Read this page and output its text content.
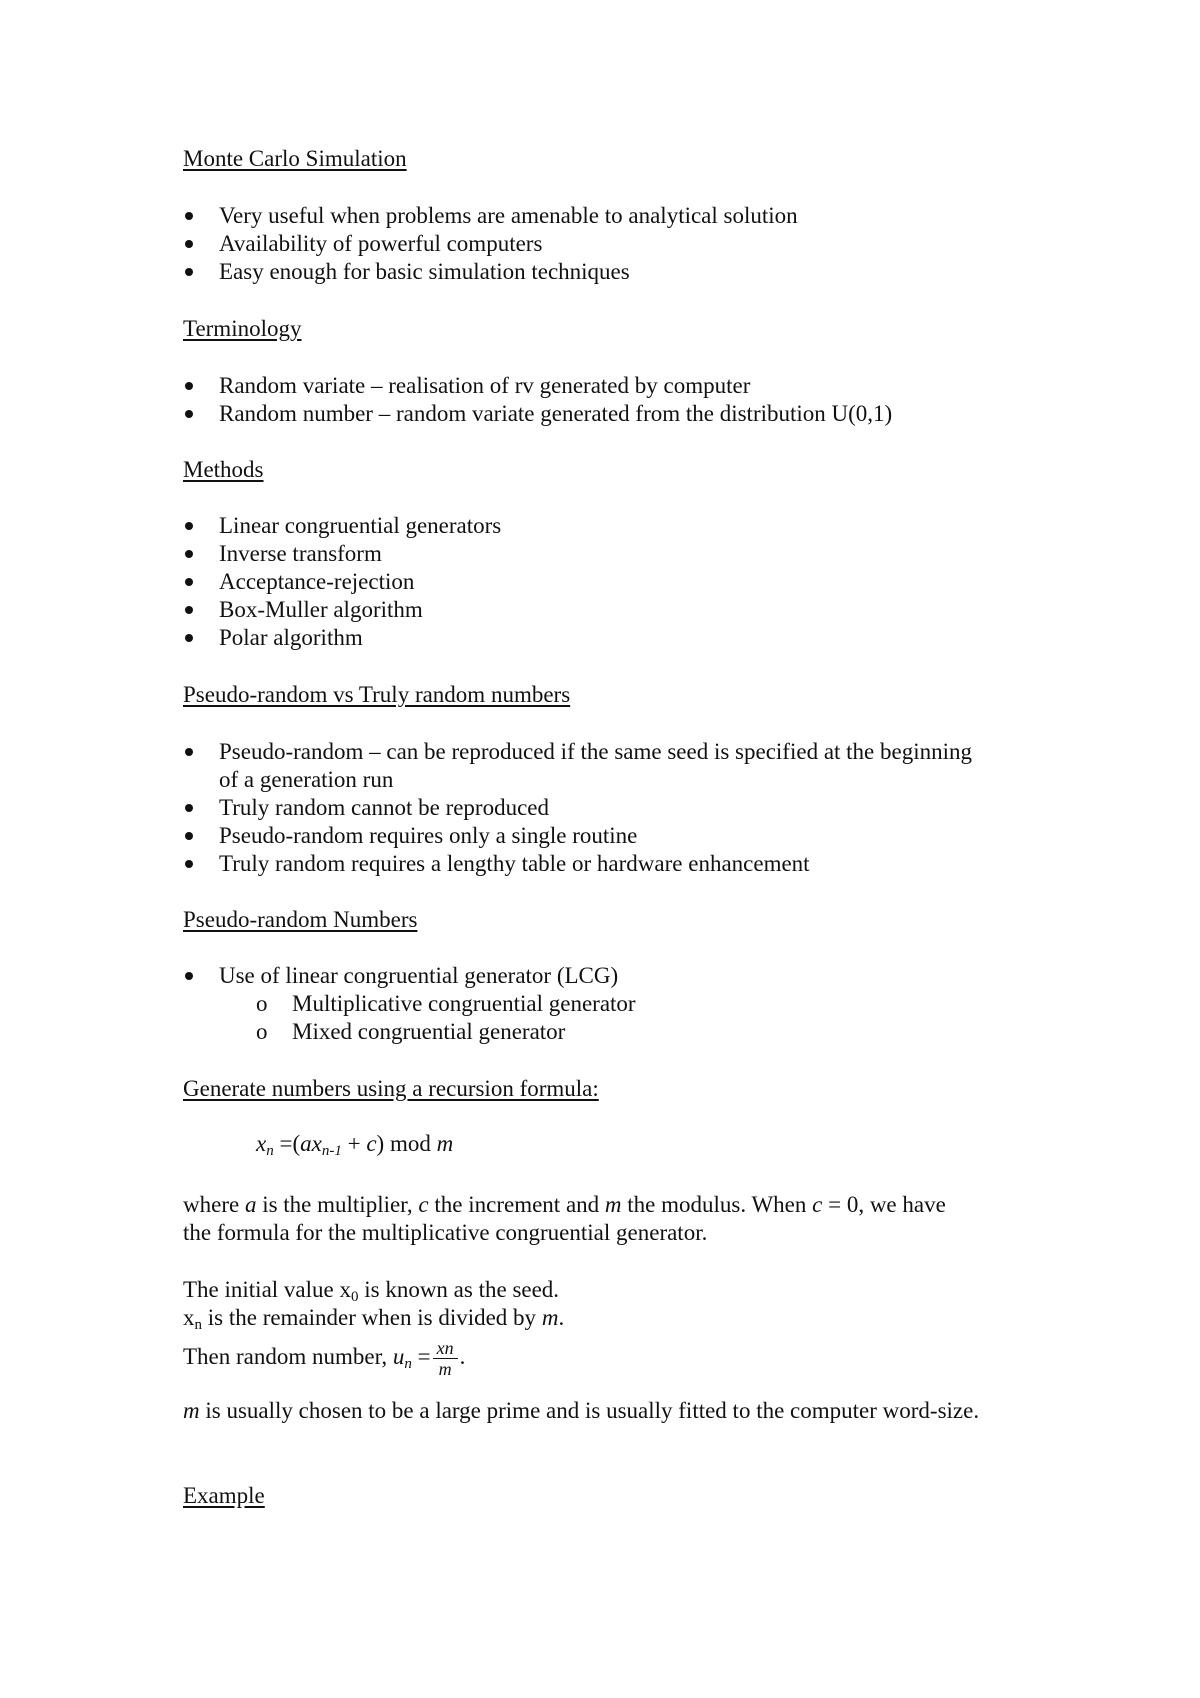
Monte Carlo Simulation
Very useful when problems are amenable to analytical solution
Availability of powerful computers
Easy enough for basic simulation techniques
Terminology
Random variate – realisation of rv generated by computer
Random number – random variate generated from the distribution U(0,1)
Methods
Linear congruential generators
Inverse transform
Acceptance-rejection
Box-Muller algorithm
Polar algorithm
Pseudo-random vs Truly random numbers
Pseudo-random – can be reproduced if the same seed is specified at the beginning
of a generation run
Truly random cannot be reproduced
Pseudo-random requires only a single routine
Truly random requires a lengthy table or hardware enhancement
Pseudo-random Numbers
Use of linear congruential generator (LCG)
o Multiplicative congruential generator
o Mixed congruential generator
Generate numbers using a recursion formula:
$x_n =(ax_{n-1} + c)$ mod m
where a is the multiplier, c the increment and m the modulus. When c = 0, we have
the formula for the multiplicative congruential generator.
The initial value $x_0$ is known as the seed.
$x_n$ is the remainder when is divided by m.
Then random number, $u_n = \frac{xn}{m}$ .
m is usually chosen to be a large prime and is usually fitted to the computer word-size.
Example
